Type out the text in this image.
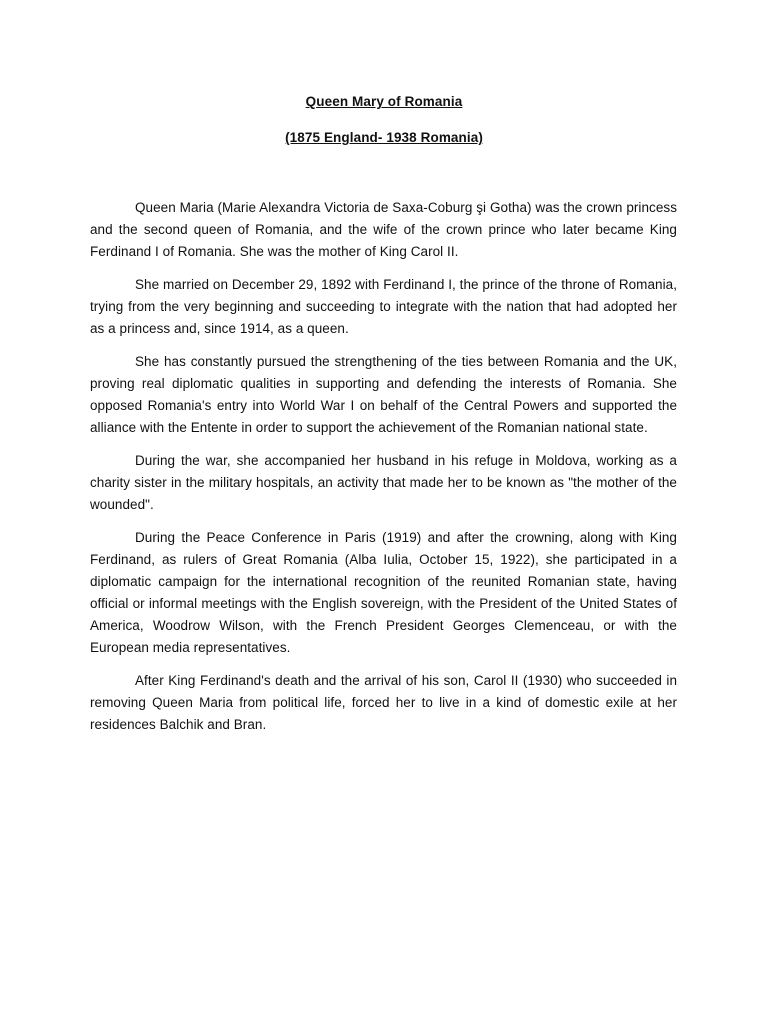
Queen Mary of Romania
(1875 England- 1938 Romania)

Queen Maria (Marie Alexandra Victoria de Saxa-Coburg şi Gotha) was the crown princess and the second queen of Romania, and the wife of the crown prince who later became King Ferdinand I of Romania. She was the mother of King Carol II.

She married on December 29, 1892 with Ferdinand I, the prince of the throne of Romania, trying from the very beginning and succeeding to integrate with the nation that had adopted her as a princess and, since 1914, as a queen.

She has constantly pursued the strengthening of the ties between Romania and the UK, proving real diplomatic qualities in supporting and defending the interests of Romania. She opposed Romania's entry into World War I on behalf of the Central Powers and supported the alliance with the Entente in order to support the achievement of the Romanian national state.

During the war, she accompanied her husband in his refuge in Moldova, working as a charity sister in the military hospitals, an activity that made her to be known as "the mother of the wounded".

During the Peace Conference in Paris (1919) and after the crowning, along with King Ferdinand, as rulers of Great Romania (Alba Iulia, October 15, 1922), she participated in a diplomatic campaign for the international recognition of the reunited Romanian state, having official or informal meetings with the English sovereign, with the President of the United States of America, Woodrow Wilson, with the French President Georges Clemenceau, or with the European media representatives.

After King Ferdinand's death and the arrival of his son, Carol II (1930) who succeeded in removing Queen Maria from political life, forced her to live in a kind of domestic exile at her residences Balchik and Bran.
